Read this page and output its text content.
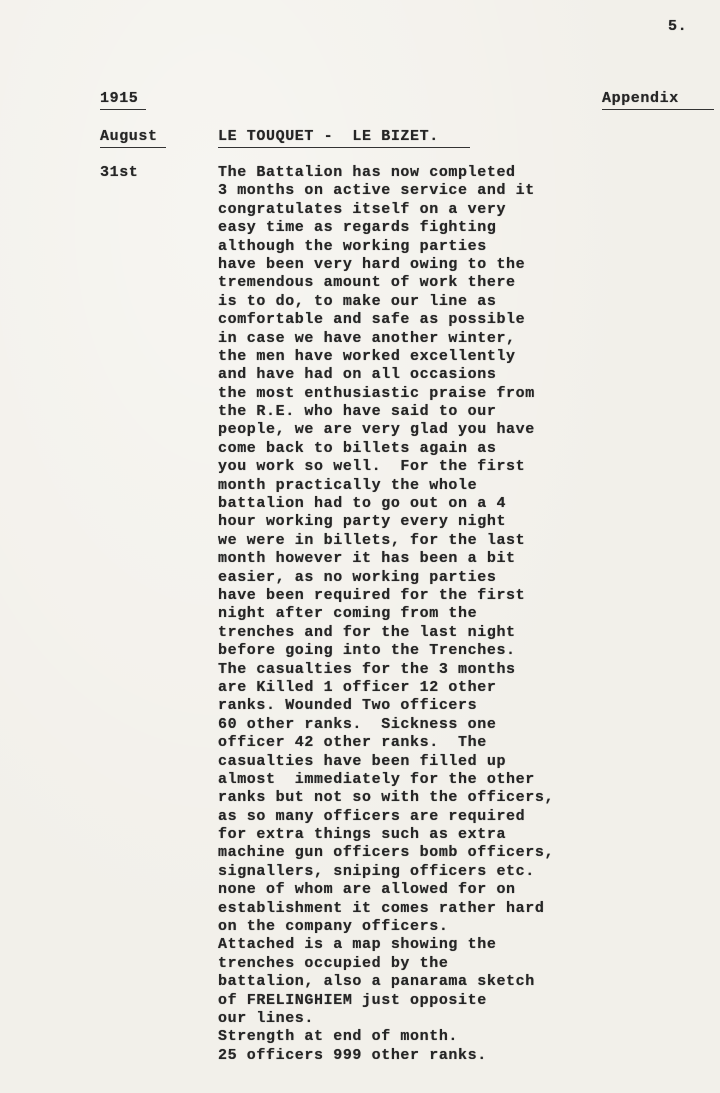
5.
1915	Appendix
August	LE TOUQUET -  LE BIZET.
31st	The Battalion has now completed
3 months on active service and it
congratulates itself on a very
easy time as regards fighting
although the working parties
have been very hard owing to the
tremendous amount of work there
is to do, to make our line as
comfortable and safe as possible
in case we have another winter,
the men have worked excellently
and have had on all occasions
the most enthusiastic praise from
the R.E. who have said to our
people, we are very glad you have
come back to billets again as
you work so well.  For the first
month practically the whole
battalion had to go out on a 4
hour working party every night
we were in billets, for the last
month however it has been a bit
easier, as no working parties
have been required for the first
night after coming from the
trenches and for the last night
before going into the Trenches.
The casualties for the 3 months
are Killed 1 officer 12 other
ranks. Wounded Two officers
60 other ranks.  Sickness one
officer 42 other ranks.  The
casualties have been filled up
almost  immediately for the other
ranks but not so with the officers,
as so many officers are required
for extra things such as extra
machine gun officers bomb officers,
signallers, sniping officers etc.
none of whom are allowed for on
establishment it comes rather hard
on the company officers.
Attached is a map showing the
trenches occupied by the
battalion, also a panarama sketch
of FRELINGHIEM just opposite
our lines.
Strength at end of month.
25 officers 999 other ranks.
